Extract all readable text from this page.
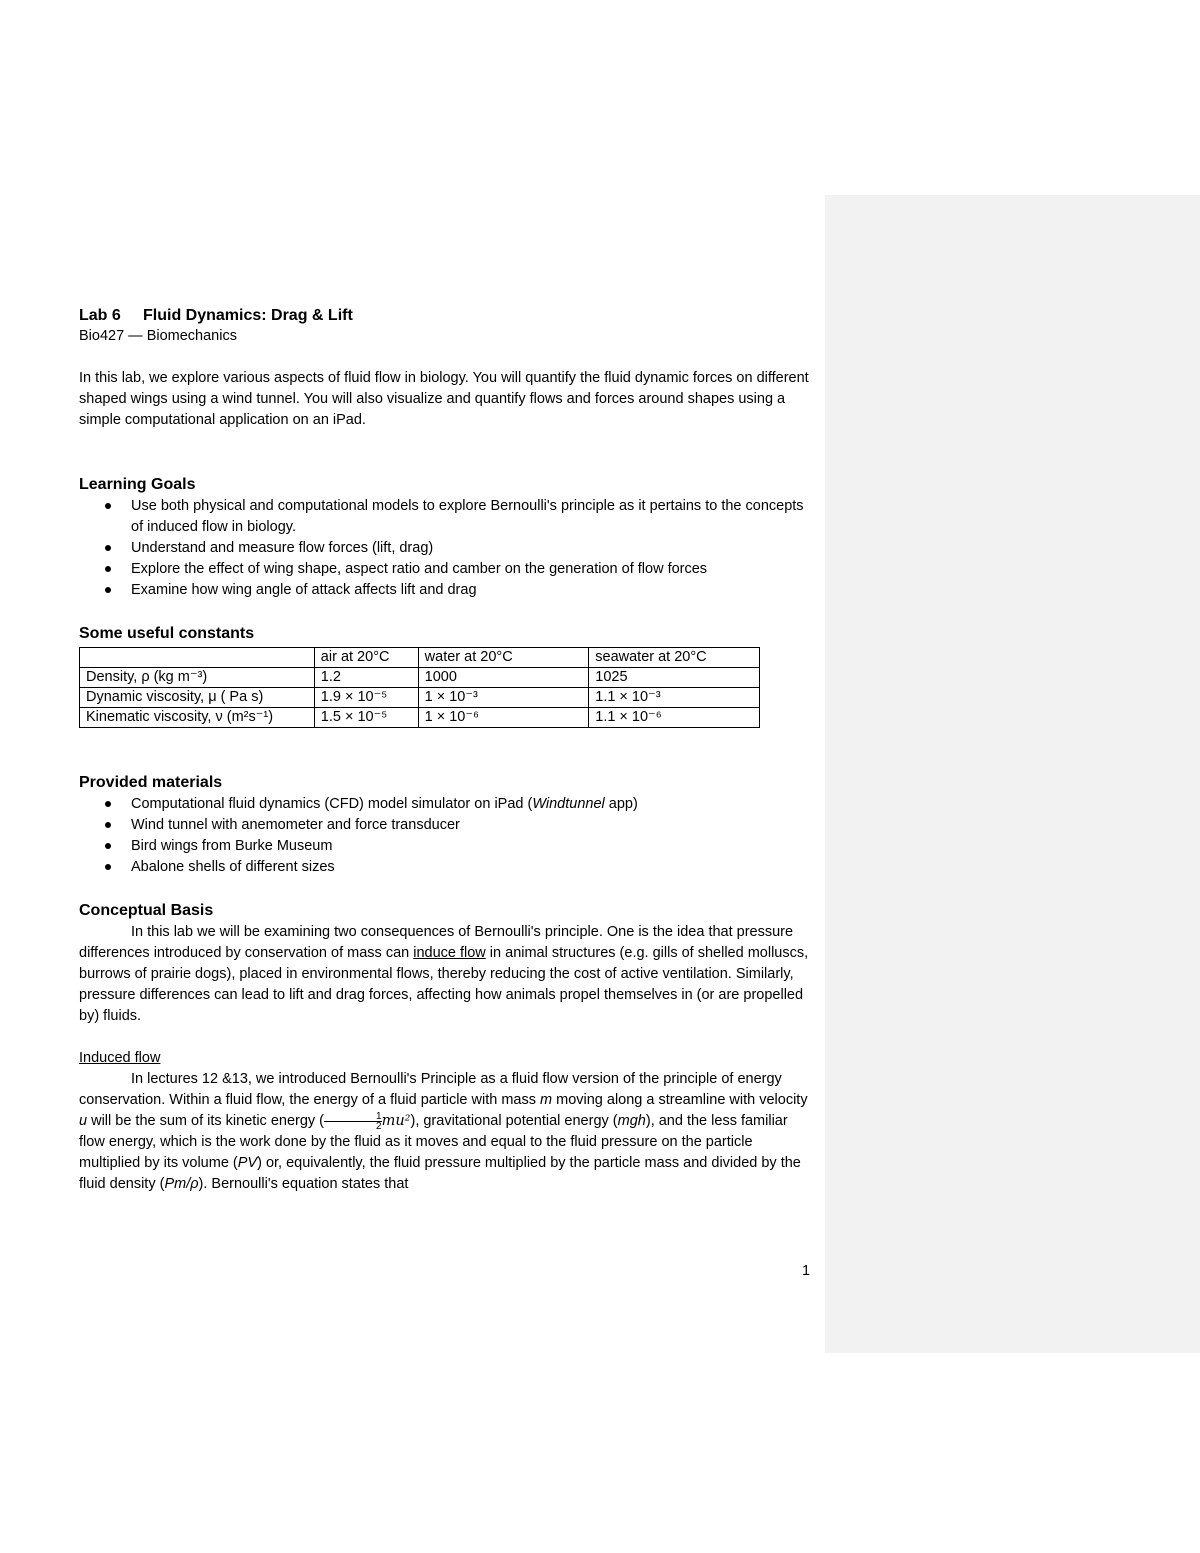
Lab 6 Fluid Dynamics: Drag & Lift

Bio427 — Biomechanics

In this lab, we explore various aspects of fluid flow in biology. You will quantify the fluid dynamic forces on different shaped wings using a wind tunnel. You will also visualize and quantify flows and forces around shapes using a simple computational application on an iPad.

Learning Goals
Use both physical and computational models to explore Bernoulli's principle as it pertains to the concepts of induced flow in biology.
Understand and measure flow forces (lift, drag)
Explore the effect of wing shape, aspect ratio and camber on the generation of flow forces
Examine how wing angle of attack affects lift and drag
Some useful constants
	air at 20°C	water at 20°C	seawater at 20°C
Density, ρ (kg m⁻³)	1.2	1000	1025
Dynamic viscosity, μ ( Pa s)	1.9 × 10⁻⁵	1 × 10⁻³	1.1 × 10⁻³
Kinematic viscosity, ν (m²s⁻¹)	1.5 × 10⁻⁵	1 × 10⁻⁶	1.1 × 10⁻⁶
Provided materials
Computational fluid dynamics (CFD) model simulator on iPad (Windtunnel app)
Wind tunnel with anemometer and force transducer
Bird wings from Burke Museum
Abalone shells of different sizes
Conceptual Basis

In this lab we will be examining two consequences of Bernoulli's principle. One is the idea that pressure differences introduced by conservation of mass can induce flow in animal structures (e.g. gills of shelled molluscs, burrows of prairie dogs), placed in environmental flows, thereby reducing the cost of active ventilation. Similarly, pressure differences can lead to lift and drag forces, affecting how animals propel themselves in (or are propelled by) fluids.

Induced flow

In lectures 12 &13, we introduced Bernoulli's Principle as a fluid flow version of the principle of energy conservation. Within a fluid flow, the energy of a fluid particle with mass m moving along a streamline with velocity u will be the sum of its kinetic energy ( $\frac{1}{2} mu^2$), gravitational potential energy (mgh), and the less familiar flow energy, which is the work done by the fluid as it moves and equal to the fluid pressure on the particle multiplied by its volume (PV) or, equivalently, the fluid pressure multiplied by the particle mass and divided by the fluid density (Pm/ρ). Bernoulli's equation states that

1
